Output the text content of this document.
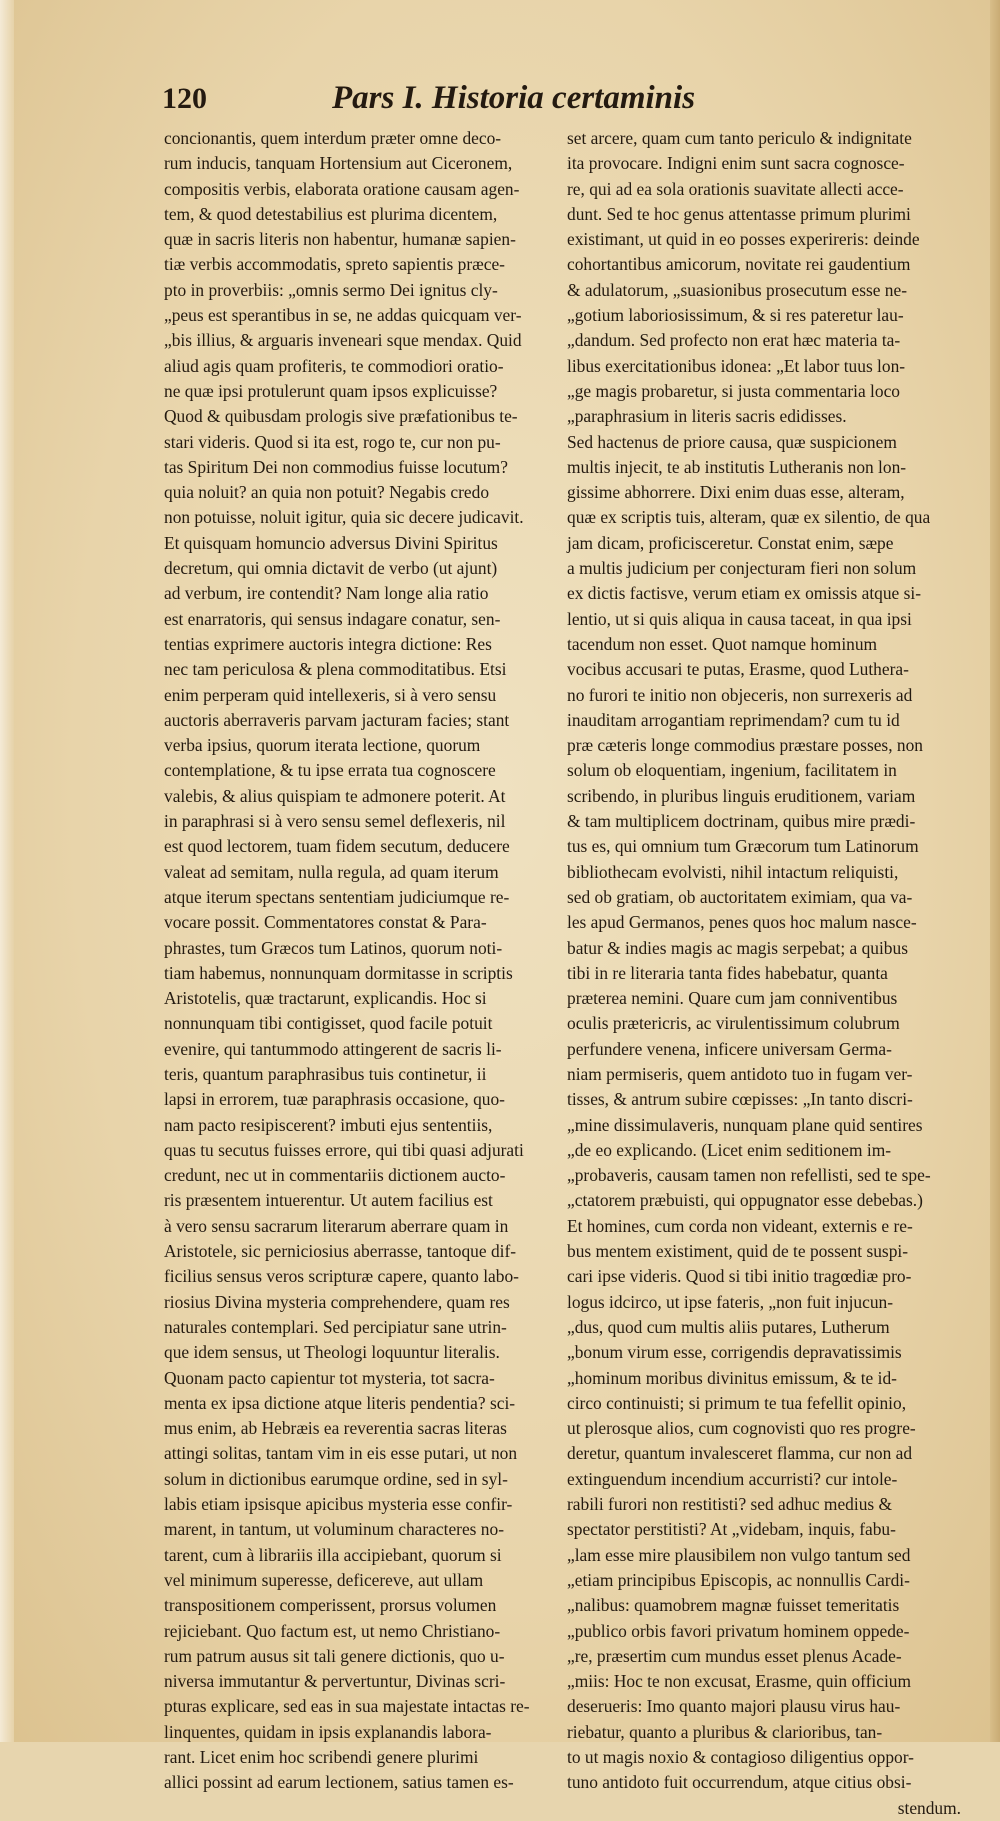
120	Pars I. Historia certaminis

concionantis, quem interdum præter omne deco-

rum inducis, tanquam Hortensium aut Ciceronem,

compositis verbis, elaborata oratione causam agen-

tem, & quod detestabilius est plurima dicentem,

quæ in sacris literis non habentur, humanæ sapien-

tiæ verbis accommodatis, spreto sapientis præce-

pto in proverbiis: „omnis sermo Dei ignitus cly-

„peus est sperantibus in se, ne addas quicquam ver-

„bis illius, & arguaris inveneari sque mendax. Quid

aliud agis quam profiteris, te commodiori oratio-

ne quæ ipsi protulerunt quam ipsos explicuisse?

Quod & quibusdam prologis sive præfationibus te-

stari videris. Quod si ita est, rogo te, cur non pu-

tas Spiritum Dei non commodius fuisse locutum?

quia noluit? an quia non potuit? Negabis credo

non potuisse, noluit igitur, quia sic decere judicavit.

Et quisquam homuncio adversus Divini Spiritus

decretum, qui omnia dictavit de verbo (ut ajunt)

ad verbum, ire contendit? Nam longe alia ratio

est enarratoris, qui sensus indagare conatur, sen-

tentias exprimere auctoris integra dictione: Res

nec tam periculosa & plena commoditatibus. Etsi

enim perperam quid intellexeris, si à vero sensu

auctoris aberraveris parvam jacturam facies; stant

verba ipsius, quorum iterata lectione, quorum

contemplatione, & tu ipse errata tua cognoscere

valebis, & alius quispiam te admonere poterit. At

in paraphrasi si à vero sensu semel deflexeris, nil

est quod lectorem, tuam fidem secutum, deducere

valeat ad semitam, nulla regula, ad quam iterum

atque iterum spectans sententiam judiciumque re-

vocare possit. Commentatores constat & Para-

phrastes, tum Græcos tum Latinos, quorum noti-

tiam habemus, nonnunquam dormitasse in scriptis

Aristotelis, quæ tractarunt, explicandis. Hoc si

nonnunquam tibi contigisset, quod facile potuit

evenire, qui tantummodo attingerent de sacris li-

teris, quantum paraphrasibus tuis continetur, ii

lapsi in errorem, tuæ paraphrasis occasione, quo-

nam pacto resipiscerent? imbuti ejus sententiis,

quas tu secutus fuisses errore, qui tibi quasi adjurati

credunt, nec ut in commentariis dictionem aucto-

ris præsentem intuerentur. Ut autem facilius est

à vero sensu sacrarum literarum aberrare quam in

Aristotele, sic perniciosius aberrasse, tantoque dif-

ficilius sensus veros scripturæ capere, quanto labo-

riosius Divina mysteria comprehendere, quam res

naturales contemplari. Sed percipiatur sane utrin-

que idem sensus, ut Theologi loquuntur literalis.

Quonam pacto capientur tot mysteria, tot sacra-

menta ex ipsa dictione atque literis pendentia? sci-

mus enim, ab Hebræis ea reverentia sacras literas

attingi solitas, tantam vim in eis esse putari, ut non

solum in dictionibus earumque ordine, sed in syl-

labis etiam ipsisque apicibus mysteria esse confir-

marent, in tantum, ut voluminum characteres no-

tarent, cum à librariis illa accipiebant, quorum si

vel minimum superesse, deficereve, aut ullam

transpositionem comperissent, prorsus volumen

rejiciebant. Quo factum est, ut nemo Christiano-

rum patrum ausus sit tali genere dictionis, quo u-

niversa immutantur & pervertuntur, Divinas scri-

pturas explicare, sed eas in sua majestate intactas re-

linquentes, quidam in ipsis explanandis labora-

rant. Licet enim hoc scribendi genere plurimi

allici possint ad earum lectionem, satius tamen es-

set arcere, quam cum tanto periculo & indignitate

ita provocare. Indigni enim sunt sacra cognosce-

re, qui ad ea sola orationis suavitate allecti acce-

dunt. Sed te hoc genus attentasse primum plurimi

existimant, ut quid in eo posses experireris: deinde

cohortantibus amicorum, novitate rei gaudentium

& adulatorum, „suasionibus prosecutum esse ne-

„gotium laboriosissimum, & si res pateretur lau-

„dandum. Sed profecto non erat hæc materia ta-

libus exercitationibus idonea: „Et labor tuus lon-

„ge magis probaretur, si justa commentaria loco

„paraphrasium in literis sacris edidisses.

Sed hactenus de priore causa, quæ suspicionem

multis injecit, te ab institutis Lutheranis non lon-

gissime abhorrere. Dixi enim duas esse, alteram,

quæ ex scriptis tuis, alteram, quæ ex silentio, de qua

jam dicam, proficisceretur. Constat enim, sæpe

a multis judicium per conjecturam fieri non solum

ex dictis factisve, verum etiam ex omissis atque si-

lentio, ut si quis aliqua in causa taceat, in qua ipsi

tacendum non esset. Quot namque hominum

vocibus accusari te putas, Erasme, quod Luthera-

no furori te initio non objeceris, non surrexeris ad

inauditam arrogantiam reprimendam? cum tu id

præ cæteris longe commodius præstare posses, non

solum ob eloquentiam, ingenium, facilitatem in

scribendo, in pluribus linguis eruditionem, variam

& tam multiplicem doctrinam, quibus mire prædi-

tus es, qui omnium tum Græcorum tum Latinorum

bibliothecam evolvisti, nihil intactum reliquisti,

sed ob gratiam, ob auctoritatem eximiam, qua va-

les apud Germanos, penes quos hoc malum nasce-

batur & indies magis ac magis serpebat; a quibus

tibi in re literaria tanta fides habebatur, quanta

præterea nemini. Quare cum jam conniventibus

oculis prætericris, ac virulentissimum colubrum

perfundere venena, inficere universam Germa-

niam permiseris, quem antidoto tuo in fugam ver-

tisses, & antrum subire cœpisses: „In tanto discri-

„mine dissimulaveris, nunquam plane quid sentires

„de eo explicando. (Licet enim seditionem im-

„probaveris, causam tamen non refellisti, sed te spe-

„ctatorem præbuisti, qui oppugnator esse debebas.)

Et homines, cum corda non videant, externis e re-

bus mentem existiment, quid de te possent suspi-

cari ipse videris. Quod si tibi initio tragœdiæ pro-

logus idcirco, ut ipse fateris, „non fuit injucun-

„dus, quod cum multis aliis putares, Lutherum

„bonum virum esse, corrigendis depravatissimis

„hominum moribus divinitus emissum, & te id-

circo continuisti; si primum te tua fefellit opinio,

ut plerosque alios, cum cognovisti quo res progre-

deretur, quantum invalesceret flamma, cur non ad

extinguendum incendium accurristi? cur intole-

rabili furori non restitisti? sed adhuc medius &

spectator perstitisti? At „videbam, inquis, fabu-

„lam esse mire plausibilem non vulgo tantum sed

„etiam principibus Episcopis, ac nonnullis Cardi-

„nalibus: quamobrem magnæ fuisset temeritatis

„publico orbis favori privatum hominem oppede-

„re, præsertim cum mundus esset plenus Acade-

„miis: Hoc te non excusat, Erasme, quin officium

deserueris: Imo quanto majori plausu virus hau-

riebatur, quanto a pluribus & clarioribus, tan-

to ut magis noxio & contagioso diligentius oppor-

tuno antidoto fuit occurrendum, atque citius obsi-

stendum.
